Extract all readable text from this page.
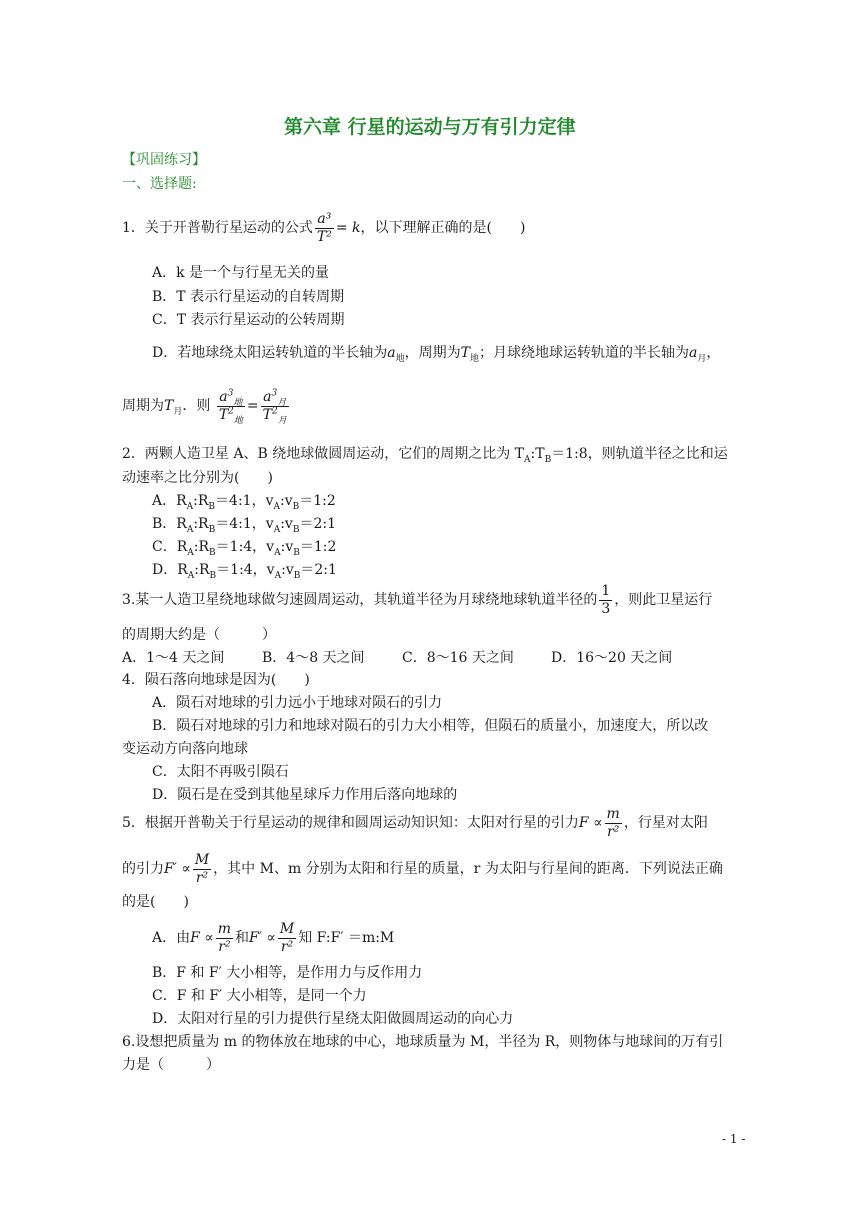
第六章 行星的运动与万有引力定律
【巩固练习】
一、选择题:
1．关于开普勒行星运动的公式 $\frac{\text{a³}}{\text{T²}} = k$，以下理解正确的是(　　)
A．k 是一个与行星无关的量
B．T 表示行星运动的自转周期
C．T 表示行星运动的公转周期
D．若地球绕太阳运转轨道的半长轴为$a_地$，周期为$T_地$；月球绕地球运转轨道的半长轴为$a_月$，
周期为$T_月$．则 $\frac{a^3_地}{T^2_地} = \frac{a^3_月}{T^2_月}$
2．两颗人造卫星 A、B 绕地球做圆周运动，它们的周期之比为 $T_A:T_B=1:8$，则轨道半径之比和运
动速率之比分别为(　　)
A．$R_A:R_B=4:1$，$v_A:v_B=1:2$
B．$R_A:R_B=4:1$，$v_A:v_B=2:1$
C．$R_A:R_B=1:4$，$v_A:v_B=1:2$
D．$R_A:R_B=1:4$，$v_A:v_B=2:1$
3.某一人造卫星绕地球做匀速圆周运动，其轨道半径为月球绕地球轨道半径的 $\frac{1}{3}$ ，则此卫星运行
的周期大约是（　　　）
A．1～4 天之间	B．4～8 天之间	C．8～16 天之间	D．16～20 天之间
4．陨石落向地球是因为(　　)
A．陨石对地球的引力远小于地球对陨石的引力
B．陨石对地球的引力和地球对陨石的引力大小相等，但陨石的质量小，加速度大，所以改
变运动方向落向地球
C．太阳不再吸引陨石
D．陨石是在受到其他星球斥力作用后落向地球的
5．根据开普勒关于行星运动的规律和圆周运动知识知：太阳对行星的引力$F \propto \frac{m}{\text{r²}}$ ，行星对太阳
的引力$F' \propto \frac{M}{\text{r²}}$ ，其中 M、m 分别为太阳和行星的质量，r 为太阳与行星间的距离．下列说法正确
的是(　　)
A．由$F \propto \frac{m}{\text{r²}}$ 和$F' \propto \frac{M}{\text{r²}}$ 知 F:F′ ＝m:M
B．F 和 F′ 大小相等，是作用力与反作用力
C．F 和 F′ 大小相等，是同一个力
D．太阳对行星的引力提供行星绕太阳做圆周运动的向心力
6.设想把质量为 m 的物体放在地球的中心，地球质量为 M，半径为 R，则物体与地球间的万有引
力是（　　　）
- 1 -
